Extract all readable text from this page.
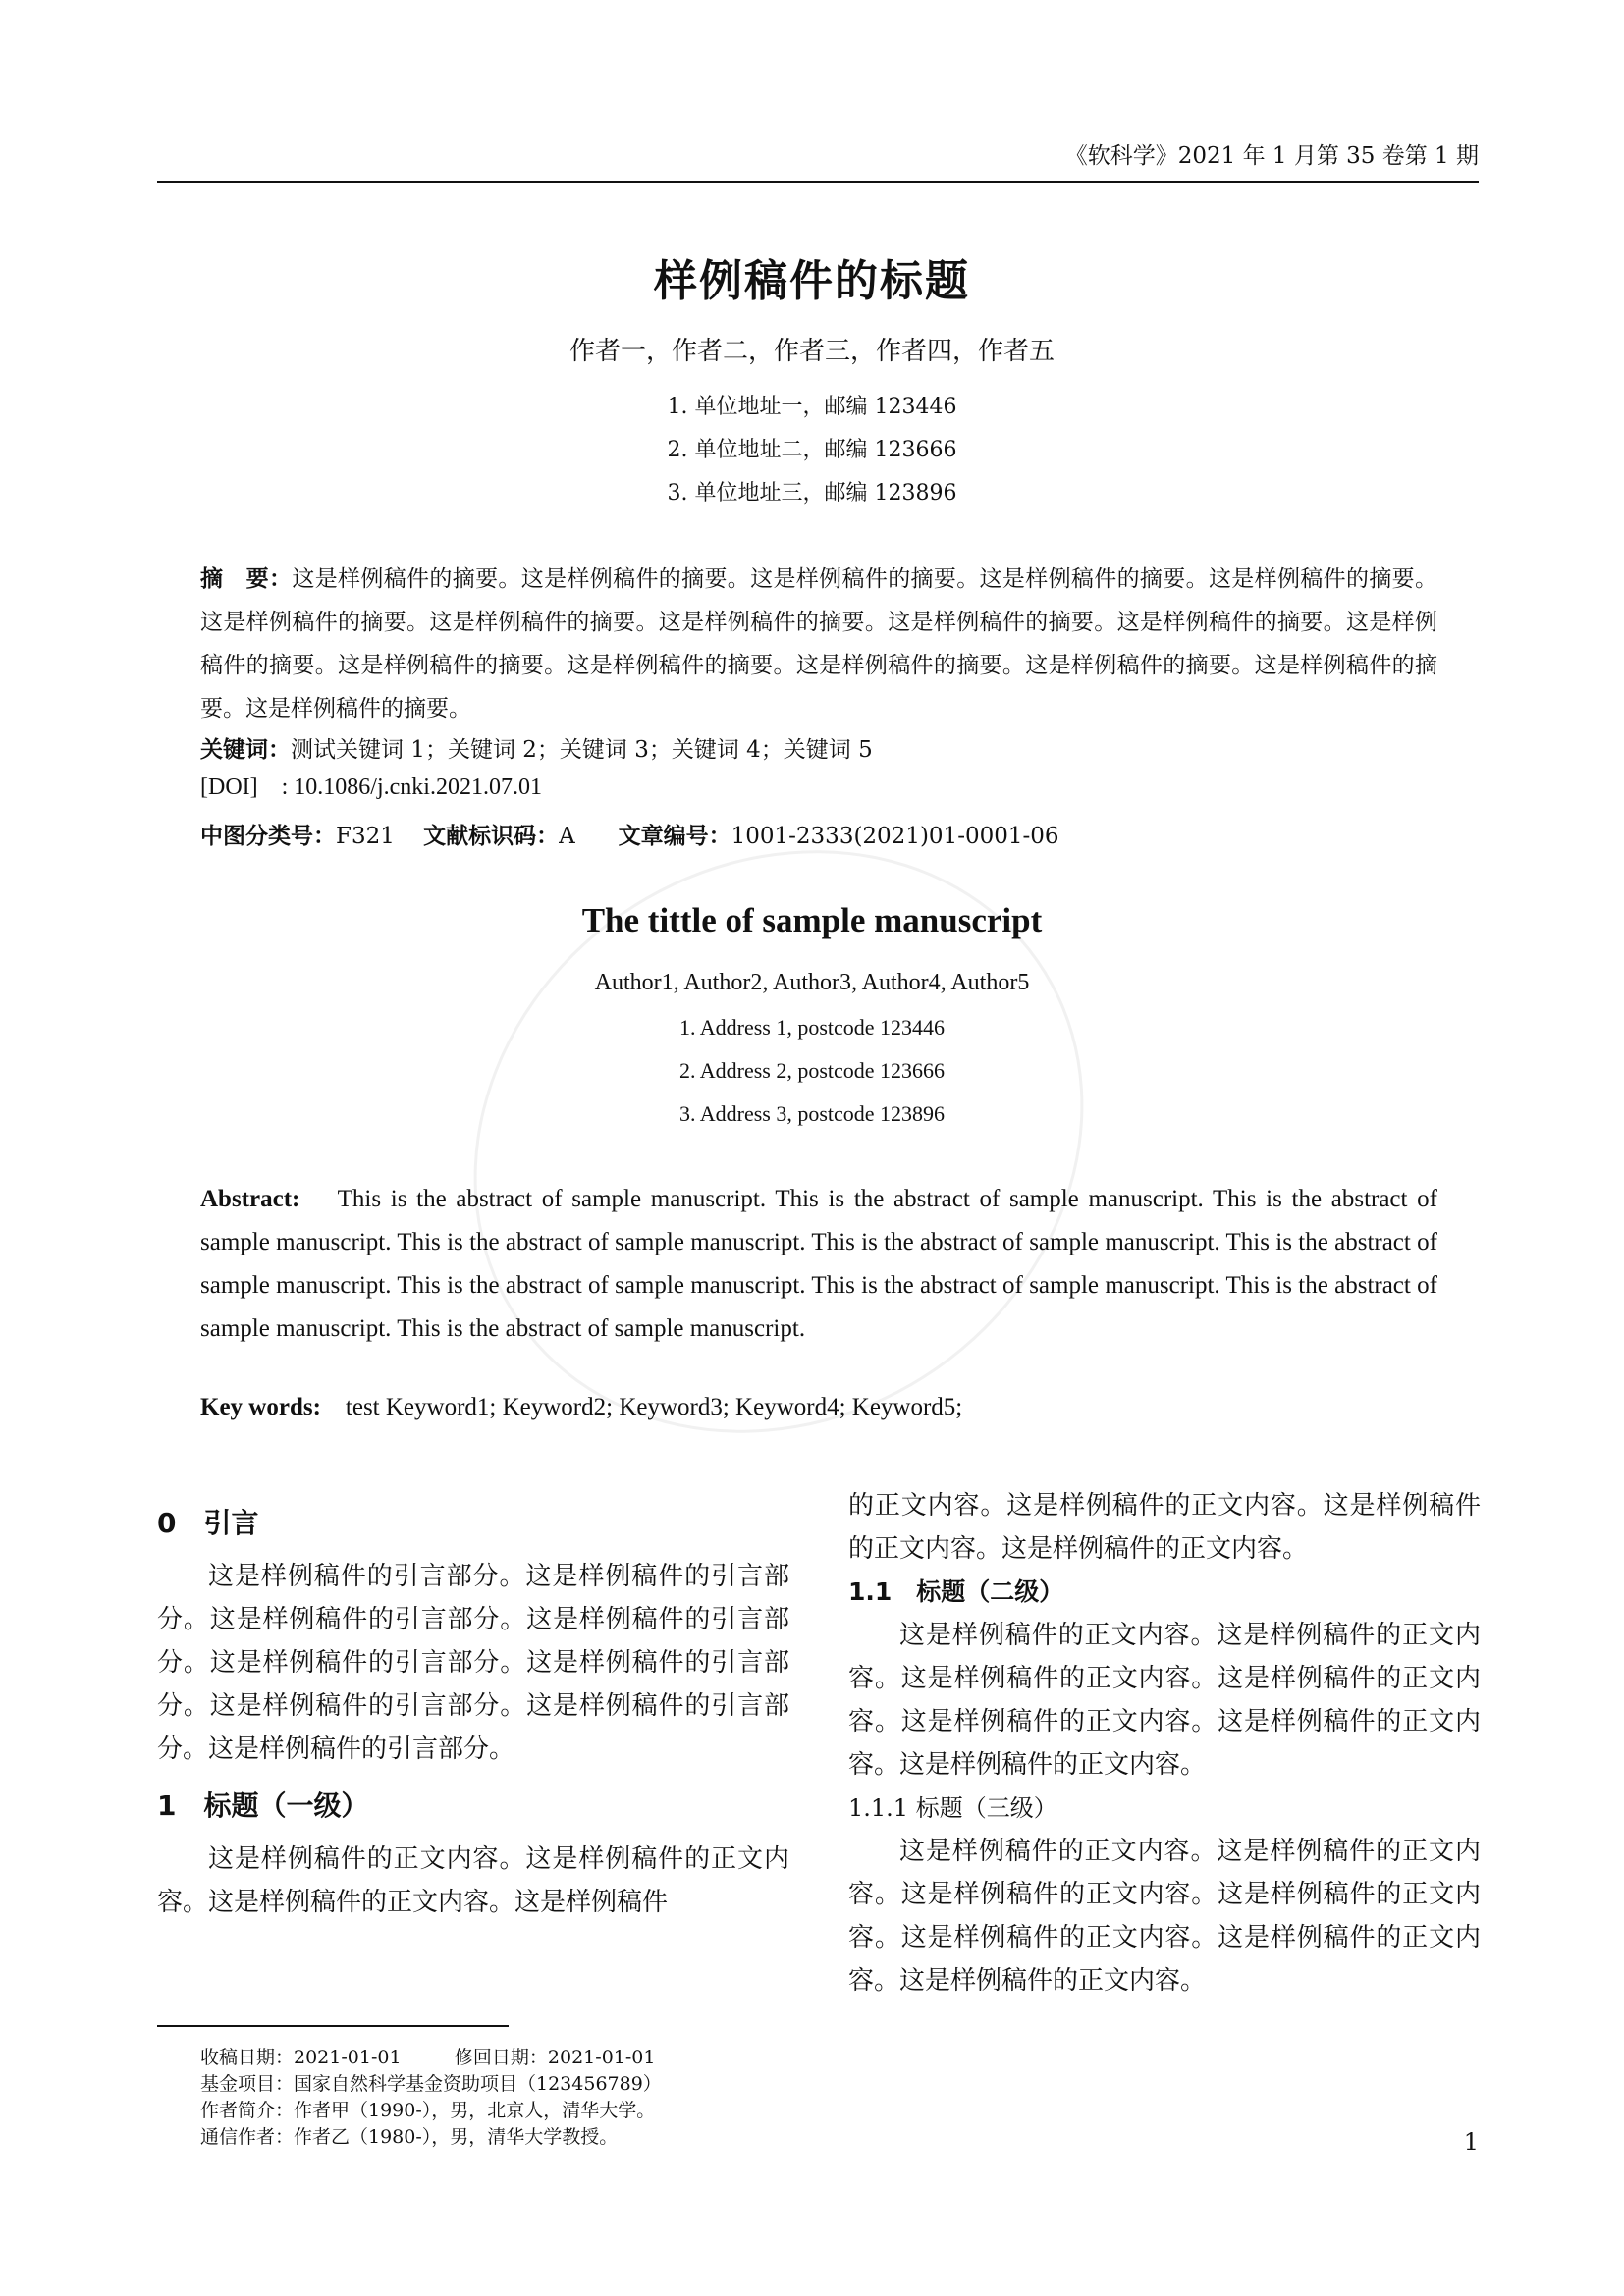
《软科学》2021 年 1 月第 35 卷第 1 期
样例稿件的标题
作者一，作者二，作者三，作者四，作者五
1. 单位地址一，邮编 123446
2. 单位地址二，邮编 123666
3. 单位地址三，邮编 123896
摘　要：这是样例稿件的摘要。这是样例稿件的摘要。这是样例稿件的摘要。这是样例稿件的摘要。这是样例稿件的摘要。这是样例稿件的摘要。这是样例稿件的摘要。这是样例稿件的摘要。这是样例稿件的摘要。这是样例稿件的摘要。这是样例稿件的摘要。这是样例稿件的摘要。这是样例稿件的摘要。这是样例稿件的摘要。这是样例稿件的摘要。这是样例稿件的摘要。这是样例稿件的摘要。
关键词：测试关键词 1；关键词 2；关键词 3；关键词 4；关键词 5
[DOI] : 10.1086/j.cnki.2021.07.01
中图分类号：F321 文献标识码：A 文章编号：1001-2333(2021)01-0001-06
The tittle of sample manuscript
Author1, Author2, Author3, Author4, Author5
1. Address 1, postcode 123446
2. Address 2, postcode 123666
3. Address 3, postcode 123896
Abstract: This is the abstract of sample manuscript. This is the abstract of sample manuscript. This is the abstract of sample manuscript. This is the abstract of sample manuscript. This is the abstract of sample manuscript. This is the abstract of sample manuscript. This is the abstract of sample manuscript. This is the abstract of sample manuscript. This is the abstract of sample manuscript. This is the abstract of sample manuscript.
Key words: test Keyword1; Keyword2; Keyword3; Keyword4; Keyword5;
0　引言
这是样例稿件的引言部分。这是样例稿件的引言部分。这是样例稿件的引言部分。这是样例稿件的引言部分。这是样例稿件的引言部分。这是样例稿件的引言部分。这是样例稿件的引言部分。这是样例稿件的引言部分。这是样例稿件的引言部分。
1　标题（一级）
这是样例稿件的正文内容。这是样例稿件的正文内容。这是样例稿件的正文内容。这是样例稿件
的正文内容。这是样例稿件的正文内容。这是样例稿件的正文内容。这是样例稿件的正文内容。
1.1　标题（二级）
这是样例稿件的正文内容。这是样例稿件的正文内容。这是样例稿件的正文内容。这是样例稿件的正文内容。这是样例稿件的正文内容。这是样例稿件的正文内容。这是样例稿件的正文内容。
1.1.1 标题（三级）
这是样例稿件的正文内容。这是样例稿件的正文内容。这是样例稿件的正文内容。这是样例稿件的正文内容。这是样例稿件的正文内容。这是样例稿件的正文内容。这是样例稿件的正文内容。
收稿日期：2021-01-01	修回日期：2021-01-01
基金项目：国家自然科学基金资助项目（123456789）
作者简介：作者甲（1990-），男，北京人，清华大学。
通信作者：作者乙（1980-），男，清华大学教授。	1
